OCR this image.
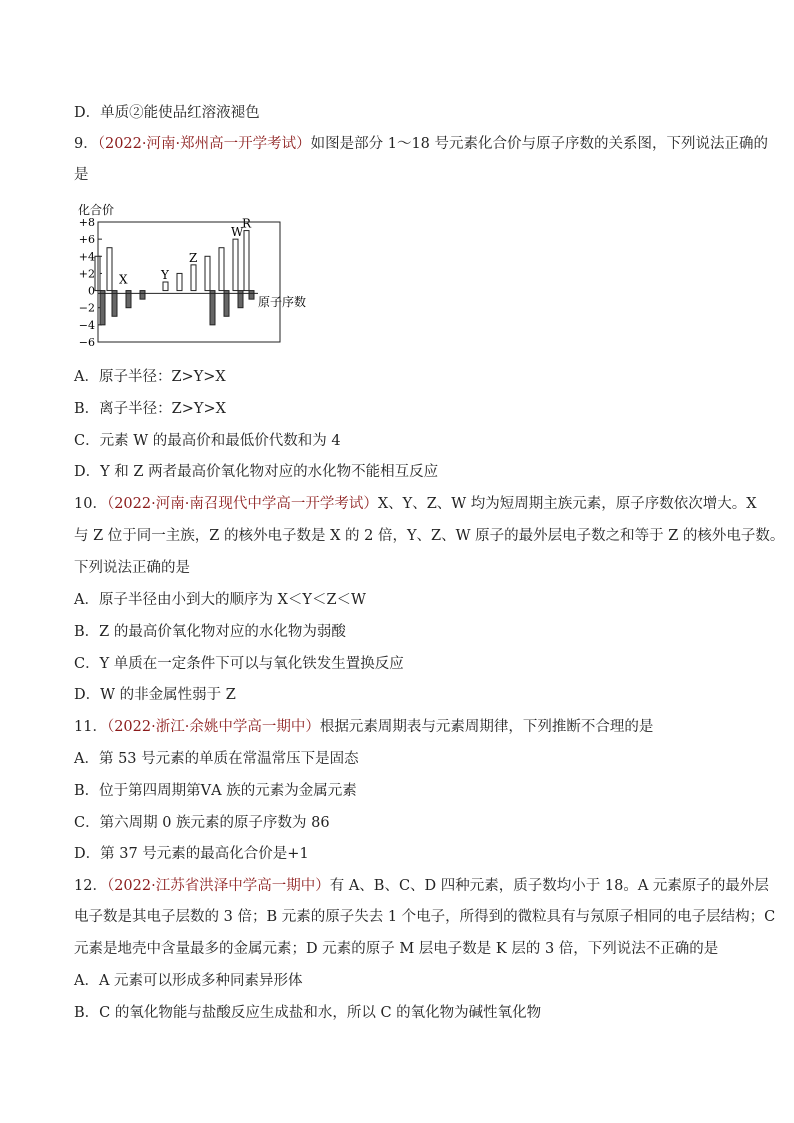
D．单质②能使品红溶液褪色
9．（2022·河南·郑州高一开学考试）如图是部分 1～18 号元素化合价与原子序数的关系图，下列说法正确的
是
化合价
原子序数
+8
+6
+4
+2
0
−2
−4
−6
X	Y
Z
W
R
A．原子半径：Z>Y>X
B．离子半径：Z>Y>X
C．元素 W 的最高价和最低价代数和为 4
D．Y 和 Z 两者最高价氧化物对应的水化物不能相互反应
10．（2022·河南·南召现代中学高一开学考试）X、Y、Z、W 均为短周期主族元素，原子序数依次增大。X
与 Z 位于同一主族，Z 的核外电子数是 X 的 2 倍，Y、Z、W 原子的最外层电子数之和等于 Z 的核外电子数。
下列说法正确的是
A．原子半径由小到大的顺序为 X＜Y＜Z＜W
B．Z 的最高价氧化物对应的水化物为弱酸
C．Y 单质在一定条件下可以与氧化铁发生置换反应
D．W 的非金属性弱于 Z
11．（2022·浙江·余姚中学高一期中）根据元素周期表与元素周期律，下列推断不合理的是
A．第 53 号元素的单质在常温常压下是固态
B．位于第四周期第ⅤA 族的元素为金属元素
C．第六周期 0 族元素的原子序数为 86
D．第 37 号元素的最高化合价是+1
12．（2022·江苏省洪泽中学高一期中）有 A、B、C、D 四种元素，质子数均小于 18。A 元素原子的最外层
电子数是其电子层数的 3 倍；B 元素的原子失去 1 个电子，所得到的微粒具有与氖原子相同的电子层结构；C
元素是地壳中含量最多的金属元素；D 元素的原子 M 层电子数是 K 层的 3 倍，下列说法不正确的是
A．A 元素可以形成多种同素异形体
B．C 的氧化物能与盐酸反应生成盐和水，所以 C 的氧化物为碱性氧化物
